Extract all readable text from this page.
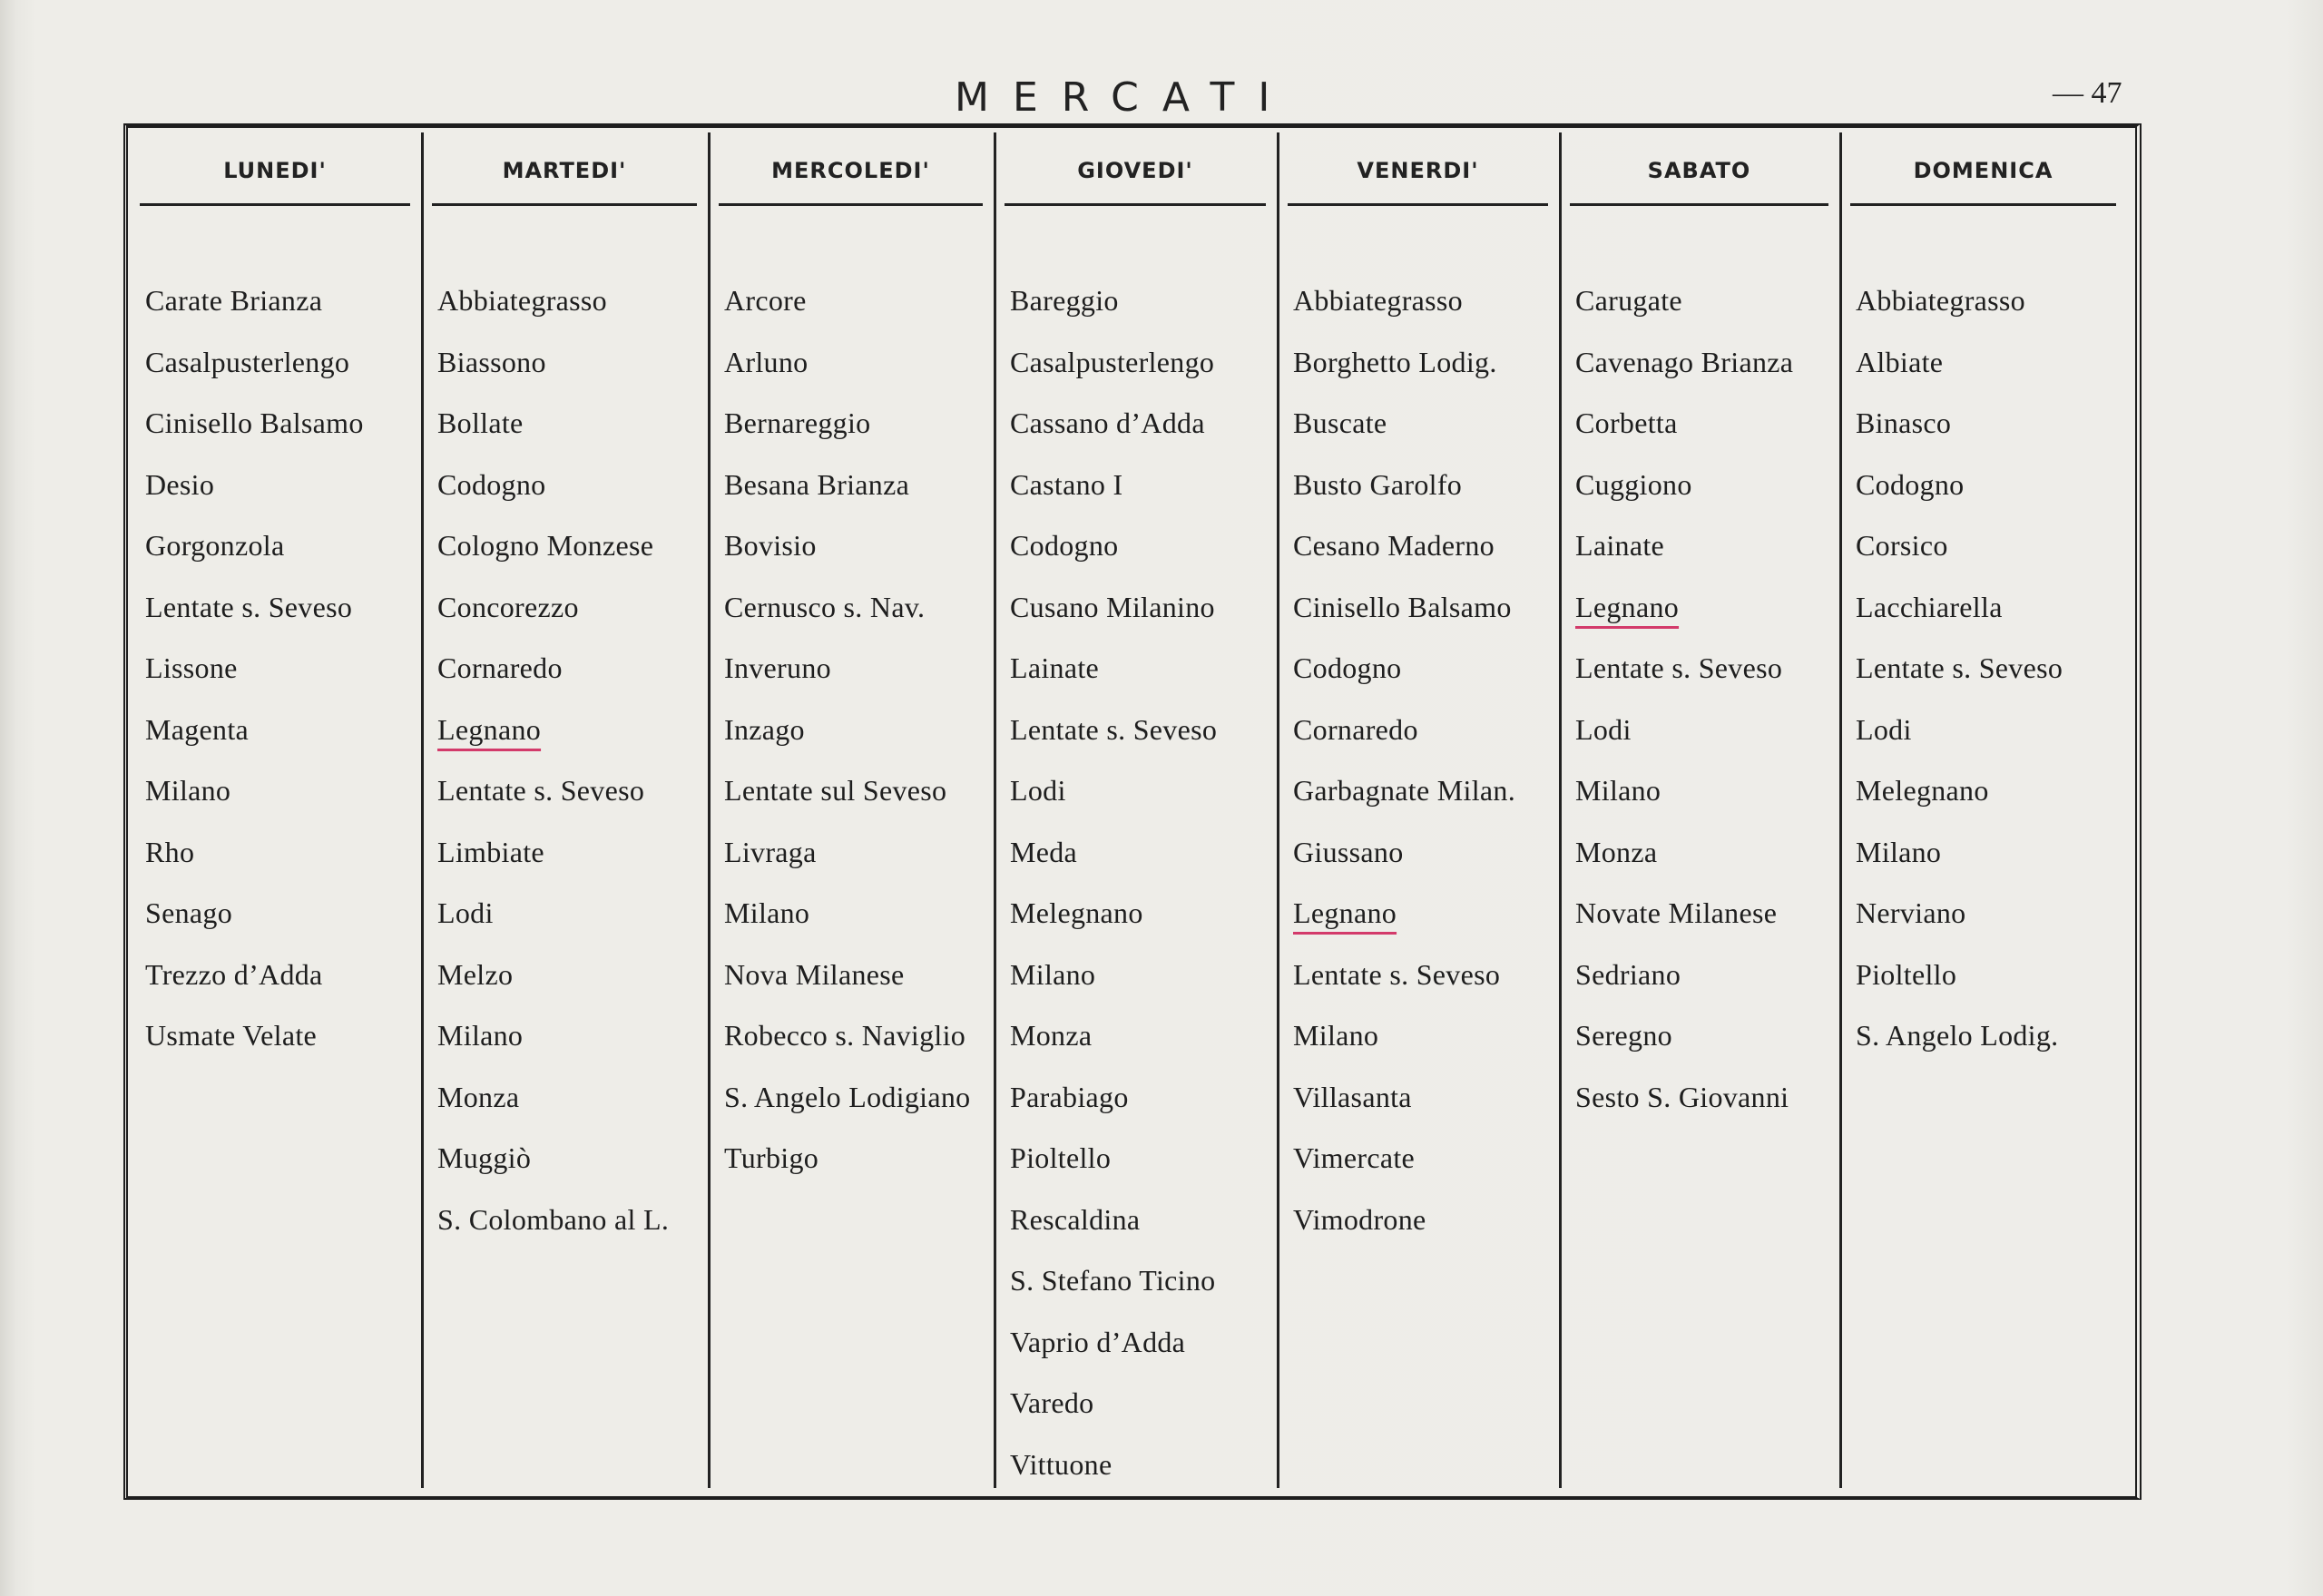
MERCATI	— 47
LUNEDI'
Carate Brianza
Casalpusterlengo
Cinisello Balsamo
Desio
Gorgonzola
Lentate s. Seveso
Lissone
Magenta
Milano
Rho
Senago
Trezzo d’Adda
Usmate Velate
MARTEDI'
Abbiategrasso
Biassono
Bollate
Codogno
Cologno Monzese
Concorezzo
Cornaredo
Legnano
Lentate s. Seveso
Limbiate
Lodi
Melzo
Milano
Monza
Muggiò
S. Colombano al L.
MERCOLEDI'
Arcore
Arluno
Bernareggio
Besana Brianza
Bovisio
Cernusco s. Nav.
Inveruno
Inzago
Lentate sul Seveso
Livraga
Milano
Nova Milanese
Robecco s. Naviglio
S. Angelo Lodigiano
Turbigo
GIOVEDI'
Bareggio
Casalpusterlengo
Cassano d’Adda
Castano I
Codogno
Cusano Milanino
Lainate
Lentate s. Seveso
Lodi
Meda
Melegnano
Milano
Monza
Parabiago
Pioltello
Rescaldina
S. Stefano Ticino
Vaprio d’Adda
Varedo
Vittuone
VENERDI'
Abbiategrasso
Borghetto Lodig.
Buscate
Busto Garolfo
Cesano Maderno
Cinisello Balsamo
Codogno
Cornaredo
Garbagnate Milan.
Giussano
Legnano
Lentate s. Seveso
Milano
Villasanta
Vimercate
Vimodrone
SABATO
Carugate
Cavenago Brianza
Corbetta
Cuggiono
Lainate
Legnano
Lentate s. Seveso
Lodi
Milano
Monza
Novate Milanese
Sedriano
Seregno
Sesto S. Giovanni
DOMENICA
Abbiategrasso
Albiate
Binasco
Codogno
Corsico
Lacchiarella
Lentate s. Seveso
Lodi
Melegnano
Milano
Nerviano
Pioltello
S. Angelo Lodig.
